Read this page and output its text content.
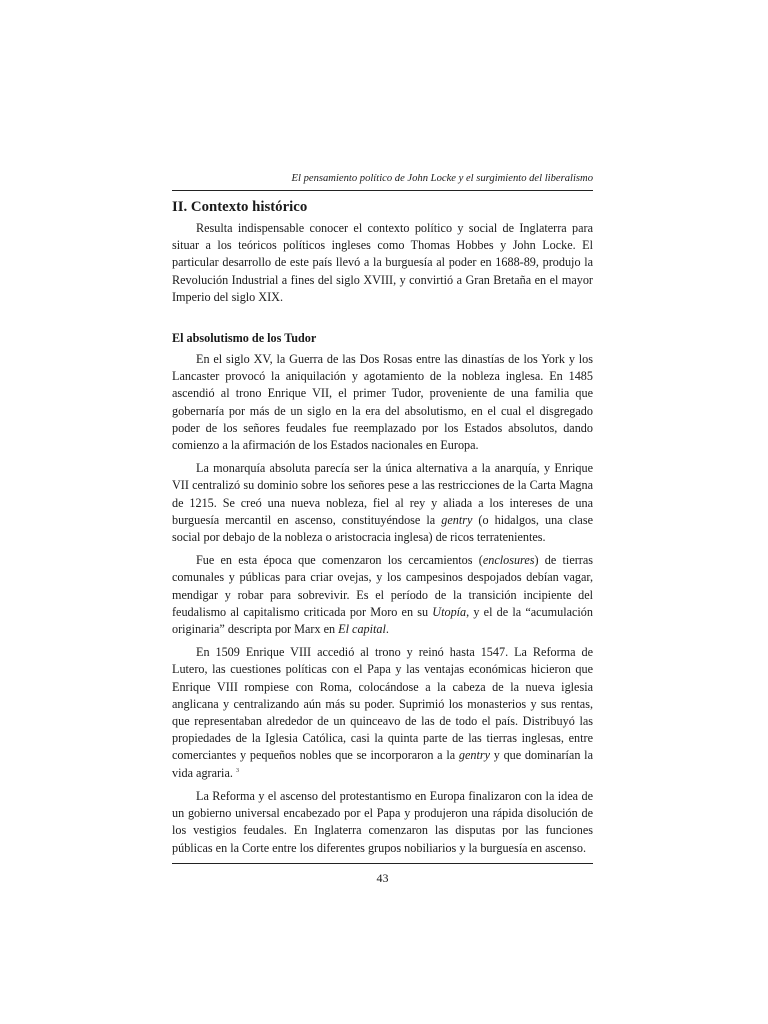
El pensamiento político de John Locke y el surgimiento del liberalismo
II. Contexto histórico

Resulta indispensable conocer el contexto político y social de Inglaterra para situar a los teóricos políticos ingleses como Thomas Hobbes y John Locke. El particular desarrollo de este país llevó a la burguesía al poder en 1688-89, produjo la Revolución Industrial a fines del siglo XVIII, y convirtió a Gran Bretaña en el mayor Imperio del siglo XIX.

El absolutismo de los Tudor

En el siglo XV, la Guerra de las Dos Rosas entre las dinastías de los York y los Lancaster provocó la aniquilación y agotamiento de la nobleza inglesa. En 1485 ascendió al trono Enrique VII, el primer Tudor, proveniente de una familia que gobernaría por más de un siglo en la era del absolutismo, en el cual el disgregado poder de los señores feudales fue reemplazado por los Estados absolutos, dando comienzo a la afirmación de los Estados nacionales en Europa.

La monarquía absoluta parecía ser la única alternativa a la anarquía, y Enrique VII centralizó su dominio sobre los señores pese a las restricciones de la Carta Magna de 1215. Se creó una nueva nobleza, fiel al rey y aliada a los intereses de una burguesía mercantil en ascenso, constituyéndose la gentry (o hidalgos, una clase social por debajo de la nobleza o aristocracia inglesa) de ricos terratenientes.

Fue en esta época que comenzaron los cercamientos (enclosures) de tierras comunales y públicas para criar ovejas, y los campesinos despojados debían vagar, mendigar y robar para sobrevivir. Es el período de la transición incipiente del feudalismo al capitalismo criticada por Moro en su Utopía, y el de la “acumulación originaria” descripta por Marx en El capital.

En 1509 Enrique VIII accedió al trono y reinó hasta 1547. La Reforma de Lutero, las cuestiones políticas con el Papa y las ventajas económicas hicieron que Enrique VIII rompiese con Roma, colocándose a la cabeza de la nueva iglesia anglicana y centralizando aún más su poder. Suprimió los monasterios y sus rentas, que representaban alrededor de un quinceavo de las de todo el país. Distribuyó las propiedades de la Iglesia Católica, casi la quinta parte de las tierras inglesas, entre comerciantes y pequeños nobles que se incorporaron a la gentry y que dominarían la vida agraria. $^3$

La Reforma y el ascenso del protestantismo en Europa finalizaron con la idea de un gobierno universal encabezado por el Papa y produjeron una rápida disolución de los vestigios feudales. En Inglaterra comenzaron las disputas por las funciones públicas en la Corte entre los diferentes grupos nobiliarios y la burguesía en ascenso.

43
